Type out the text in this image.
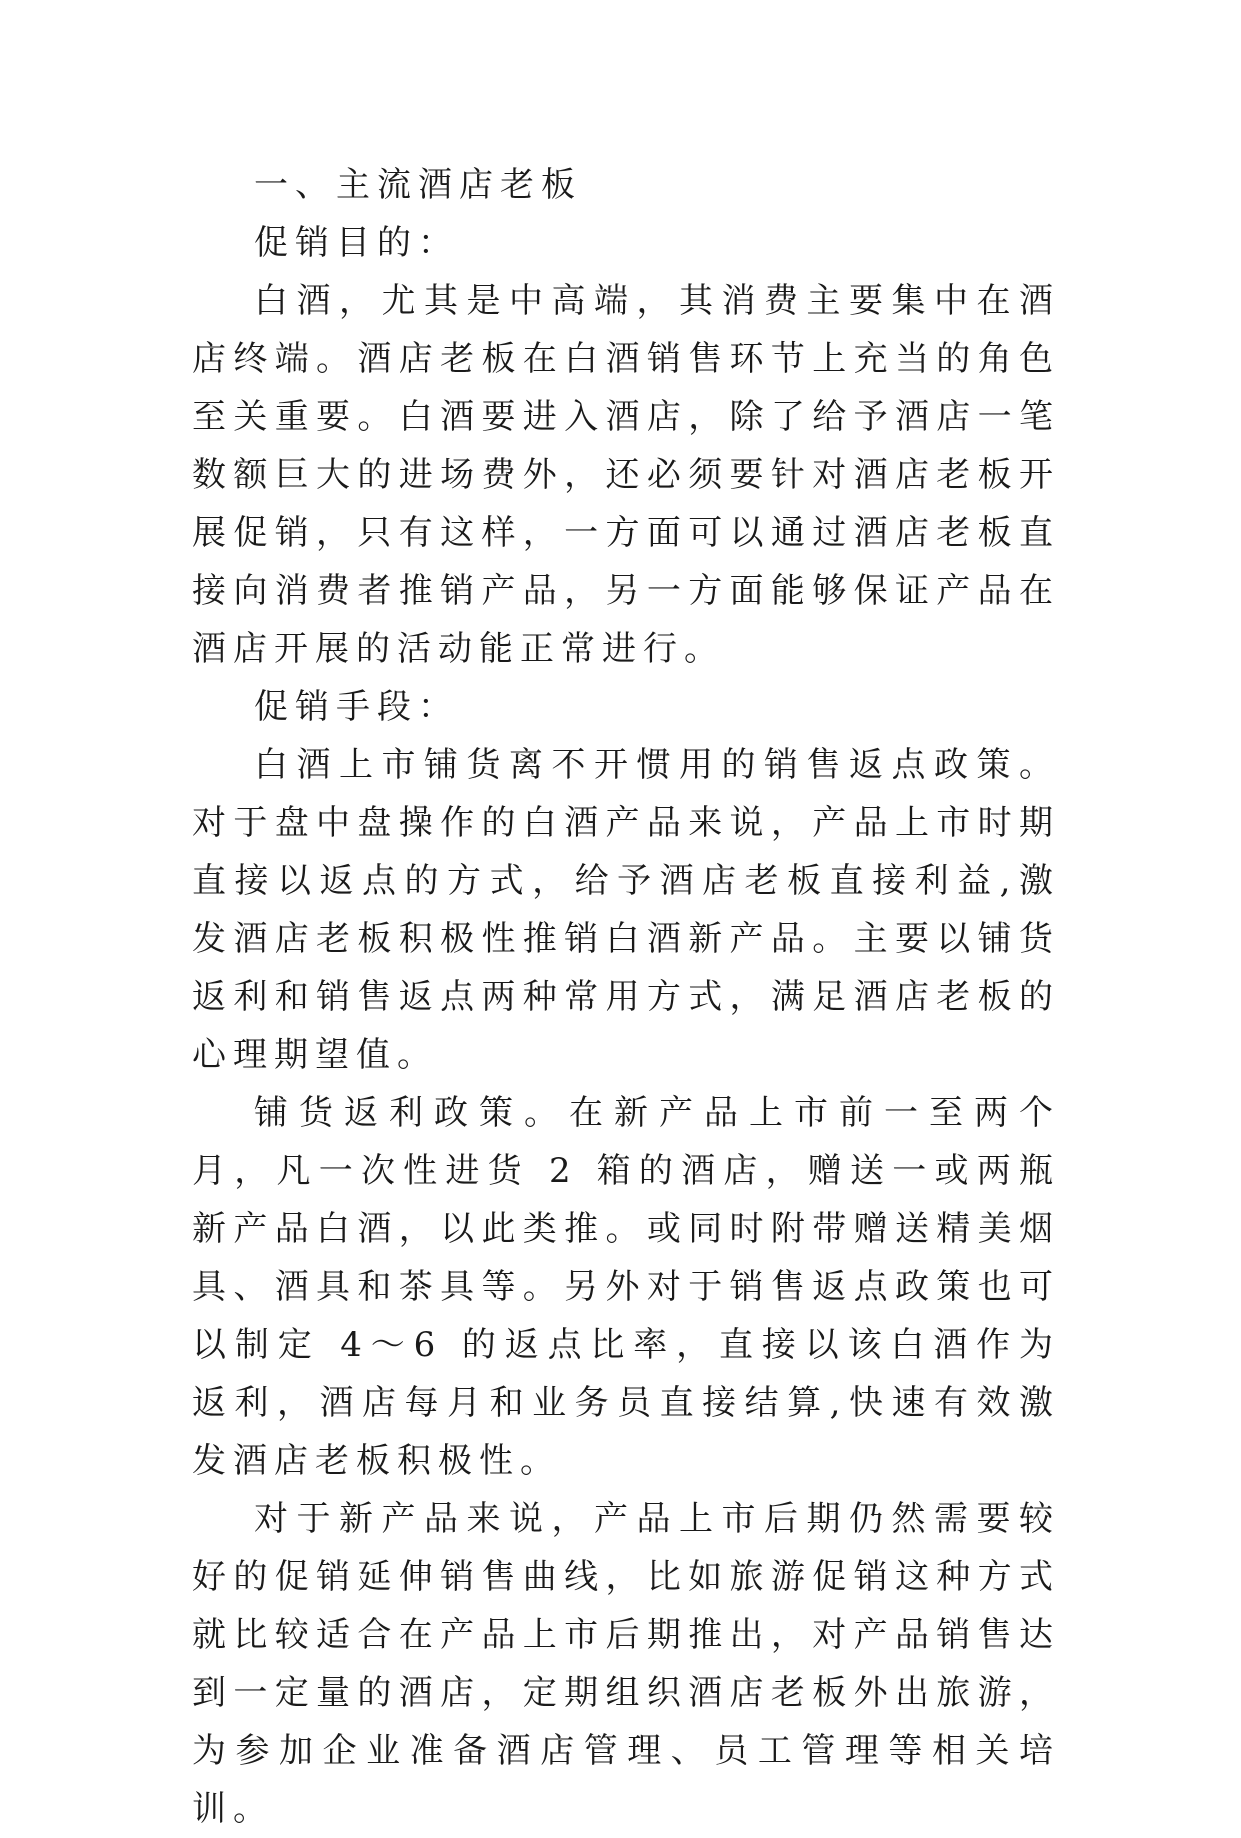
一、主流酒店老板

促销目的：

白酒，尤其是中高端，其消费主要集中在酒店终端。酒店老板在白酒销售环节上充当的角色至关重要。白酒要进入酒店，除了给予酒店一笔数额巨大的进场费外，还必须要针对酒店老板开展促销，只有这样，一方面可以通过酒店老板直接向消费者推销产品，另一方面能够保证产品在酒店开展的活动能正常进行。

促销手段：

白酒上市铺货离不开惯用的销售返点政策。对于盘中盘操作的白酒产品来说，产品上市时期直接以返点的方式，给予酒店老板直接利益,激发酒店老板积极性推销白酒新产品。主要以铺货返利和销售返点两种常用方式，满足酒店老板的心理期望值。

铺货返利政策。在新产品上市前一至两个月，凡一次性进货 2 箱的酒店，赠送一或两瓶新产品白酒，以此类推。或同时附带赠送精美烟具、酒具和茶具等。另外对于销售返点政策也可以制定 4～6 的返点比率，直接以该白酒作为返利，酒店每月和业务员直接结算,快速有效激发酒店老板积极性。

对于新产品来说，产品上市后期仍然需要较好的促销延伸销售曲线，比如旅游促销这种方式就比较适合在产品上市后期推出，对产品销售达到一定量的酒店，定期组织酒店老板外出旅游，为参加企业准备酒店管理、员工管理等相关培训。
